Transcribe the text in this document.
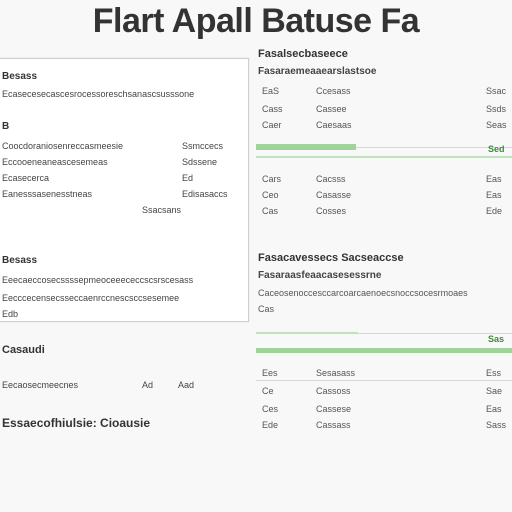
Flart Apall Batuse Fa
Besass
Ecasecesecascesrocessoreschsanascsusssone
B
Coocdoraniosenreccasmeesie	Ssmccecs
Eccooeneaneascesemeas	Sdssene
Ecasecerca	Ed
Eanesssasenesstneas	Edisasaccs
Ssacsans
Besass
Eeecaeccosecssssepmeoceeececcscsrscesass
Eecccecensecsseccaenrccnescsccsesemee
Edb
Casaudi
Eecaosecmeecnes	Ad	Aad
Essaecofhiulsie: Cioausie
Fasalsecbaseece
Fasaraemeaaearslastsoe
EaS	Ccesass	Ssac
Cass	Cassee	Ssds
Caer	Caesaas	Seas
Sed
Cars	Cacsss	Eas
Ceo	Casasse	Eas
Cas	Cosses	Ede
Fasacavessecs Sacseaccse
Fasaraasfeaacasesessrne
Caceosenoccesccarcoarcaenoecsnoccsocesrmoaes
Cas
Sas
Ees	Sesasass	Ess
Ce	Cassoss	Sae
Ces	Cassese	Eas
Ede	Cassass	Sass
